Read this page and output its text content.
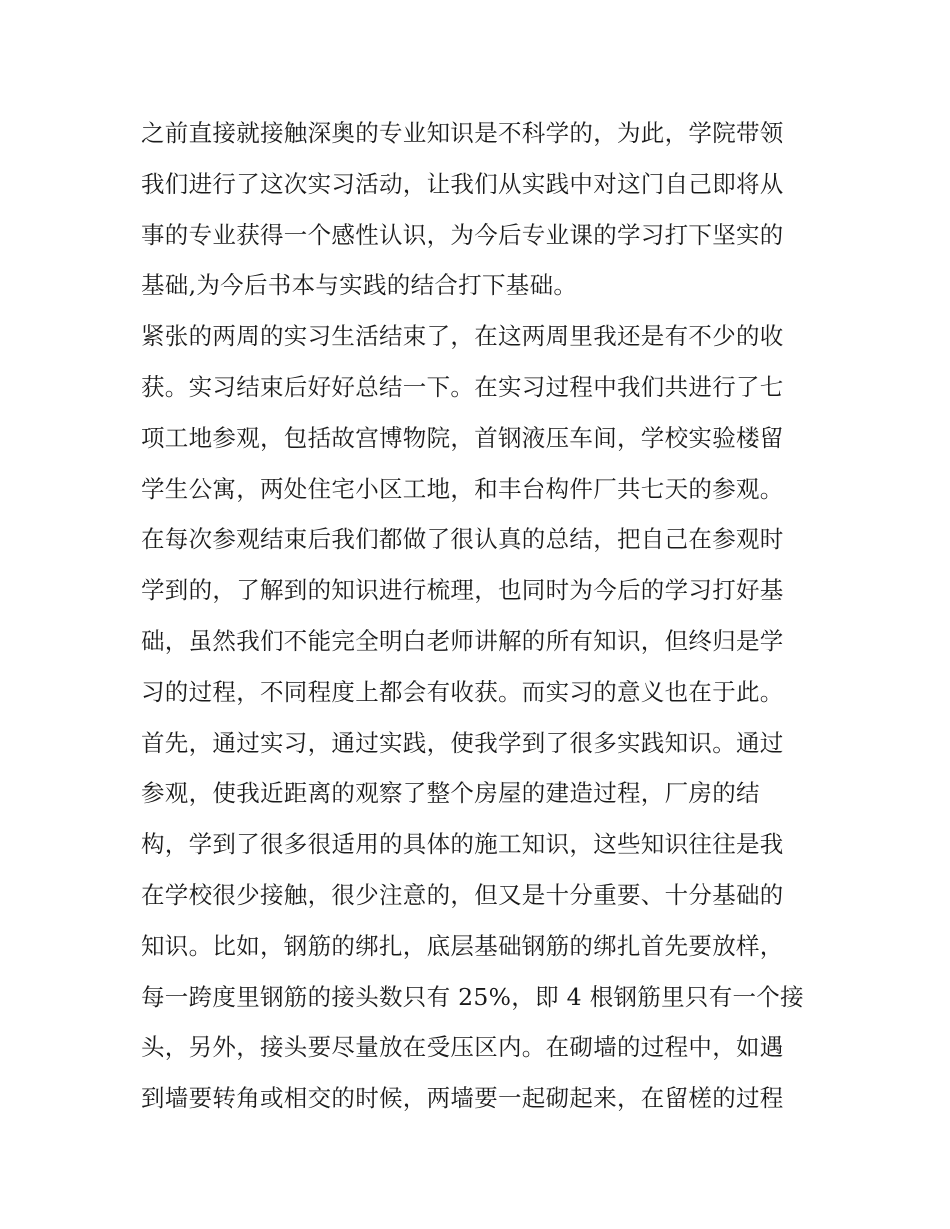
之前直接就接触深奥的专业知识是不科学的，为此，学院带领
我们进行了这次实习活动，让我们从实践中对这门自己即将从
事的专业获得一个感性认识，为今后专业课的学习打下坚实的
基础,为今后书本与实践的结合打下基础。
紧张的两周的实习生活结束了，在这两周里我还是有不少的收
获。实习结束后好好总结一下。在实习过程中我们共进行了七
项工地参观，包括故宫博物院，首钢液压车间，学校实验楼留
学生公寓，两处住宅小区工地，和丰台构件厂共七天的参观。
在每次参观结束后我们都做了很认真的总结，把自己在参观时
学到的，了解到的知识进行梳理，也同时为今后的学习打好基
础，虽然我们不能完全明白老师讲解的所有知识，但终归是学
习的过程，不同程度上都会有收获。而实习的意义也在于此。
首先，通过实习，通过实践，使我学到了很多实践知识。通过
参观，使我近距离的观察了整个房屋的建造过程，厂房的结
构，学到了很多很适用的具体的施工知识，这些知识往往是我
在学校很少接触，很少注意的，但又是十分重要、十分基础的
知识。比如，钢筋的绑扎，底层基础钢筋的绑扎首先要放样，
每一跨度里钢筋的接头数只有 25%，即 4 根钢筋里只有一个接
头，另外，接头要尽量放在受压区内。在砌墙的过程中，如遇
到墙要转角或相交的时候，两墙要一起砌起来，在留槎的过程
